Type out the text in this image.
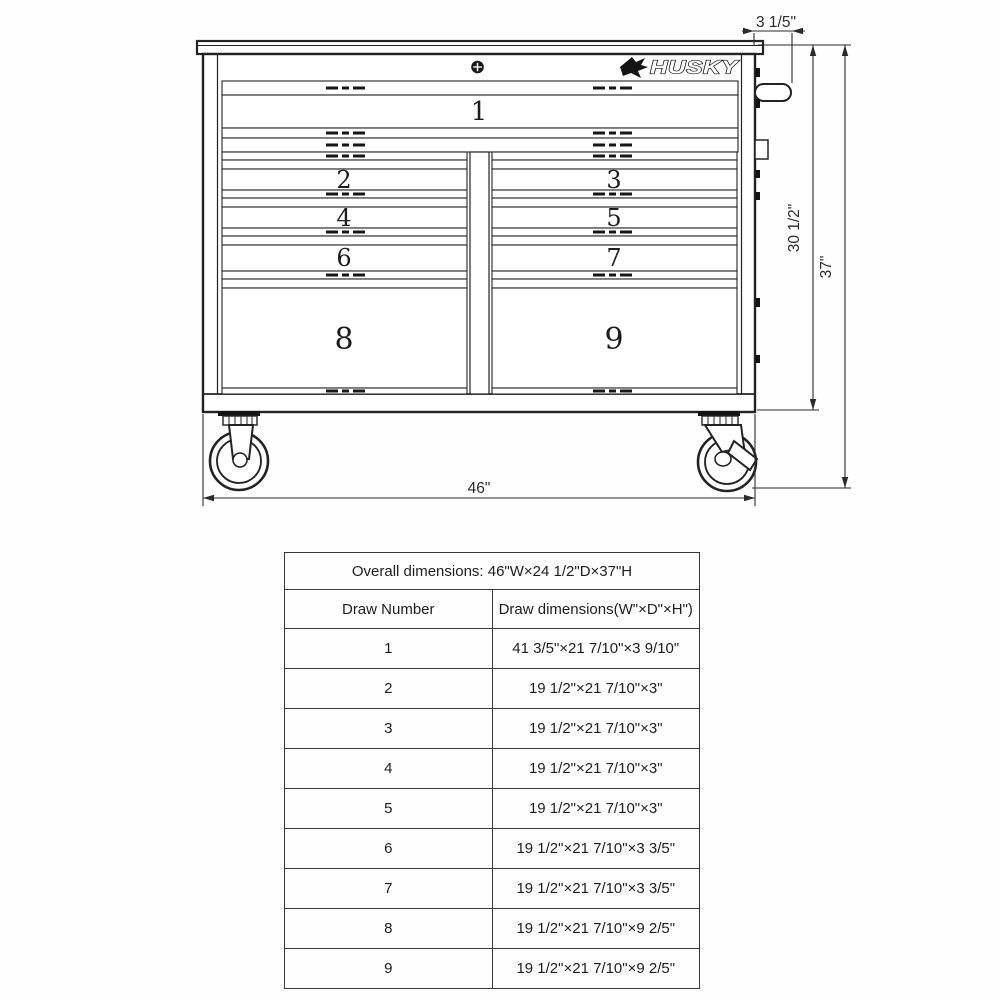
HUSKY
1
2	3
4	5
6	7
8	9
3 1/5"
30 1/2"
37"
46"
Overall dimensions: 46"W×24 1/2"D×37"H	
Draw Number	Draw dimensions(W"×D"×H")
1	41 3/5"×21 7/10"×3 9/10"
2	19 1/2"×21 7/10"×3"
3	19 1/2"×21 7/10"×3"
4	19 1/2"×21 7/10"×3"
5	19 1/2"×21 7/10"×3"
6	19 1/2"×21 7/10"×3 3/5"
7	19 1/2"×21 7/10"×3 3/5"
8	19 1/2"×21 7/10"×9 2/5"
9	19 1/2"×21 7/10"×9 2/5"
